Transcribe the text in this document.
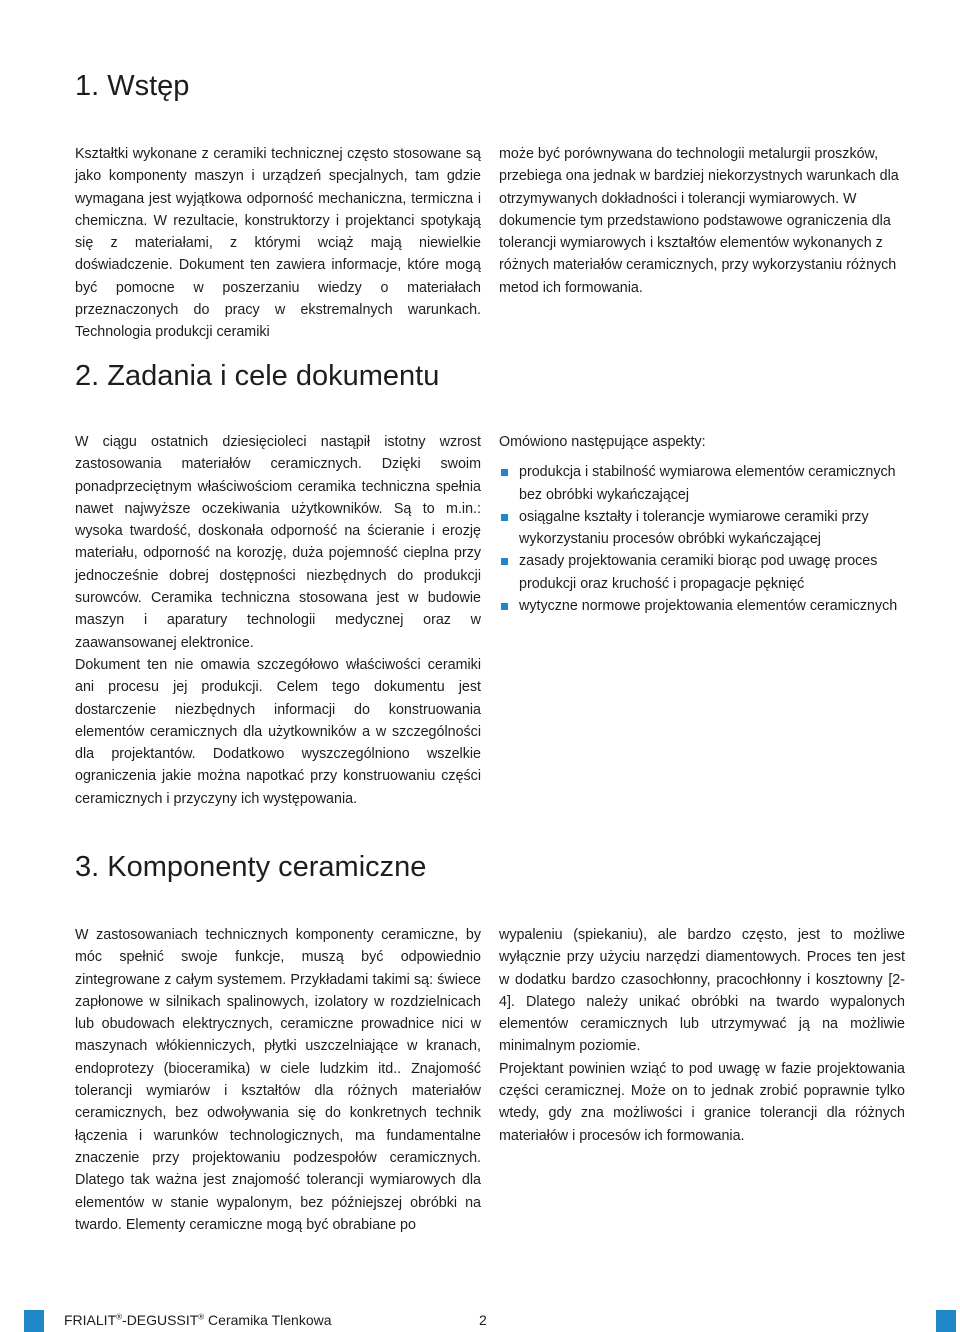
1. Wstęp

Kształtki wykonane z ceramiki technicznej często stosowane są jako komponenty maszyn i urządzeń specjalnych, tam gdzie wymagana jest wyjątkowa odporność mechaniczna, termiczna i chemiczna. W rezultacie, konstruktorzy i projektanci spotykają się z materiałami, z którymi wciąż mają niewielkie doświadczenie. Dokument ten zawiera informacje, które mogą być pomocne w poszerzaniu wiedzy o materiałach przeznaczonych do pracy w ekstremalnych warunkach. Technologia produkcji ceramiki

może być porównywana do technologii metalurgii proszków, przebiega ona jednak w bardziej niekorzystnych warunkach dla otrzymywanych dokładności i tolerancji wymiarowych. W dokumencie tym przedstawiono podstawowe ograniczenia dla tolerancji wymiarowych i kształtów elementów wykonanych z różnych materiałów ceramicznych, przy wykorzystaniu różnych metod ich formowania.

2. Zadania i cele dokumentu

W ciągu ostatnich dziesięcioleci nastąpił istotny wzrost zastosowania materiałów ceramicznych. Dzięki swoim ponadprzeciętnym właściwościom ceramika techniczna spełnia nawet najwyższe oczekiwania użytkowników. Są to m.in.: wysoka twardość, doskonała odporność na ścieranie i erozję materiału, odporność na korozję, duża pojemność cieplna przy jednocześnie dobrej dostępności niezbędnych do produkcji surowców. Ceramika techniczna stosowana jest w budowie maszyn i aparatury technologii medycznej oraz w zaawansowanej elektronice.

Dokument ten nie omawia szczegółowo właściwości ceramiki ani procesu jej produkcji. Celem tego dokumentu jest dostarczenie niezbędnych informacji do konstruowania elementów ceramicznych dla użytkowników a w szczególności dla projektantów. Dodatkowo wyszczególniono wszelkie ograniczenia jakie można napotkać przy konstruowaniu części ceramicznych i przyczyny ich występowania.

Omówiono następujące aspekty:

produkcja i stabilność wymiarowa elementów ceramicznych bez obróbki wykańczającej
osiągalne kształty i tolerancje wymiarowe ceramiki przy wykorzystaniu procesów obróbki wykańczającej
zasady projektowania ceramiki biorąc pod uwagę proces produkcji oraz kruchość i propagacje pęknięć
wytyczne normowe projektowania elementów ceramicznych
3. Komponenty ceramiczne

W zastosowaniach technicznych komponenty ceramiczne, by móc spełnić swoje funkcje, muszą być odpowiednio zintegrowane z całym systemem. Przykładami takimi są: świece zapłonowe w silnikach spalinowych, izolatory w rozdzielnicach lub obudowach elektrycznych, ceramiczne prowadnice nici w maszynach włókienniczych, płytki uszczelniające w kranach, endoprotezy (bioceramika) w ciele ludzkim itd.. Znajomość tolerancji wymiarów i kształtów dla różnych materiałów ceramicznych, bez odwoływania się do konkretnych technik łączenia i warunków technologicznych, ma fundamentalne znaczenie przy projektowaniu podzespołów ceramicznych. Dlatego tak ważna jest znajomość tolerancji wymiarowych dla elementów w stanie wypalonym, bez późniejszej obróbki na twardo. Elementy ceramiczne mogą być obrabiane po

wypaleniu (spiekaniu), ale bardzo często, jest to możliwe wyłącznie przy użyciu narzędzi diamentowych. Proces ten jest w dodatku bardzo czasochłonny, pracochłonny i kosztowny [2-4]. Dlatego należy unikać obróbki na twardo wypalonych elementów ceramicznych lub utrzymywać ją na możliwie minimalnym poziomie.

Projektant powinien wziąć to pod uwagę w fazie projektowania części ceramicznej. Może on to jednak zrobić poprawnie tylko wtedy, gdy zna możliwości i granice tolerancji dla różnych materiałów i procesów ich formowania.

FRIALIT®-DEGUSSIT® Ceramika Tlenkowa	2
